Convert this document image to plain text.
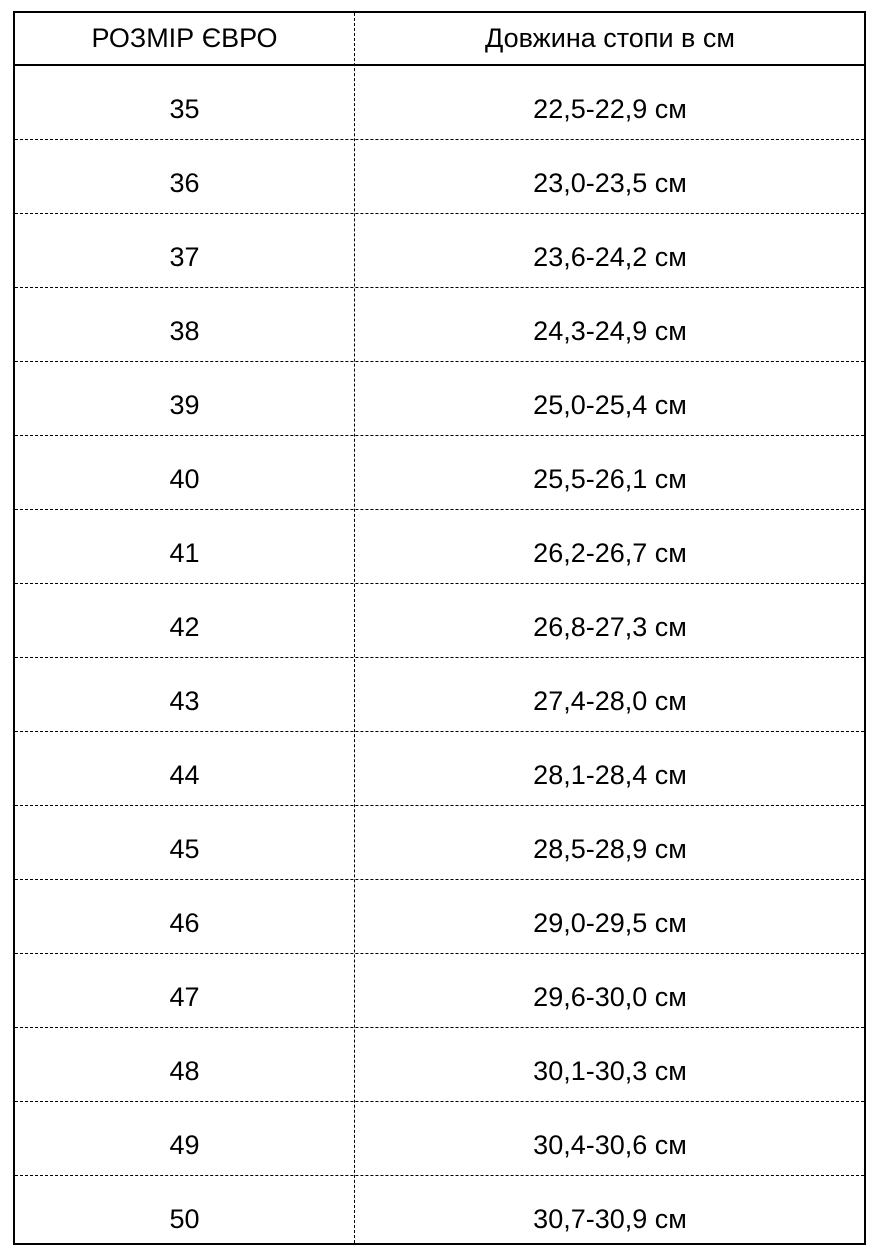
РОЗМІР ЄВРО	Довжина стопи в см
35	22,5-22,9 см
36	23,0-23,5 см
37	23,6-24,2 см
38	24,3-24,9 см
39	25,0-25,4 см
40	25,5-26,1 см
41	26,2-26,7 см
42	26,8-27,3 см
43	27,4-28,0 см
44	28,1-28,4 см
45	28,5-28,9 см
46	29,0-29,5 см
47	29,6-30,0 см
48	30,1-30,3 см
49	30,4-30,6 см
50	30,7-30,9 см
